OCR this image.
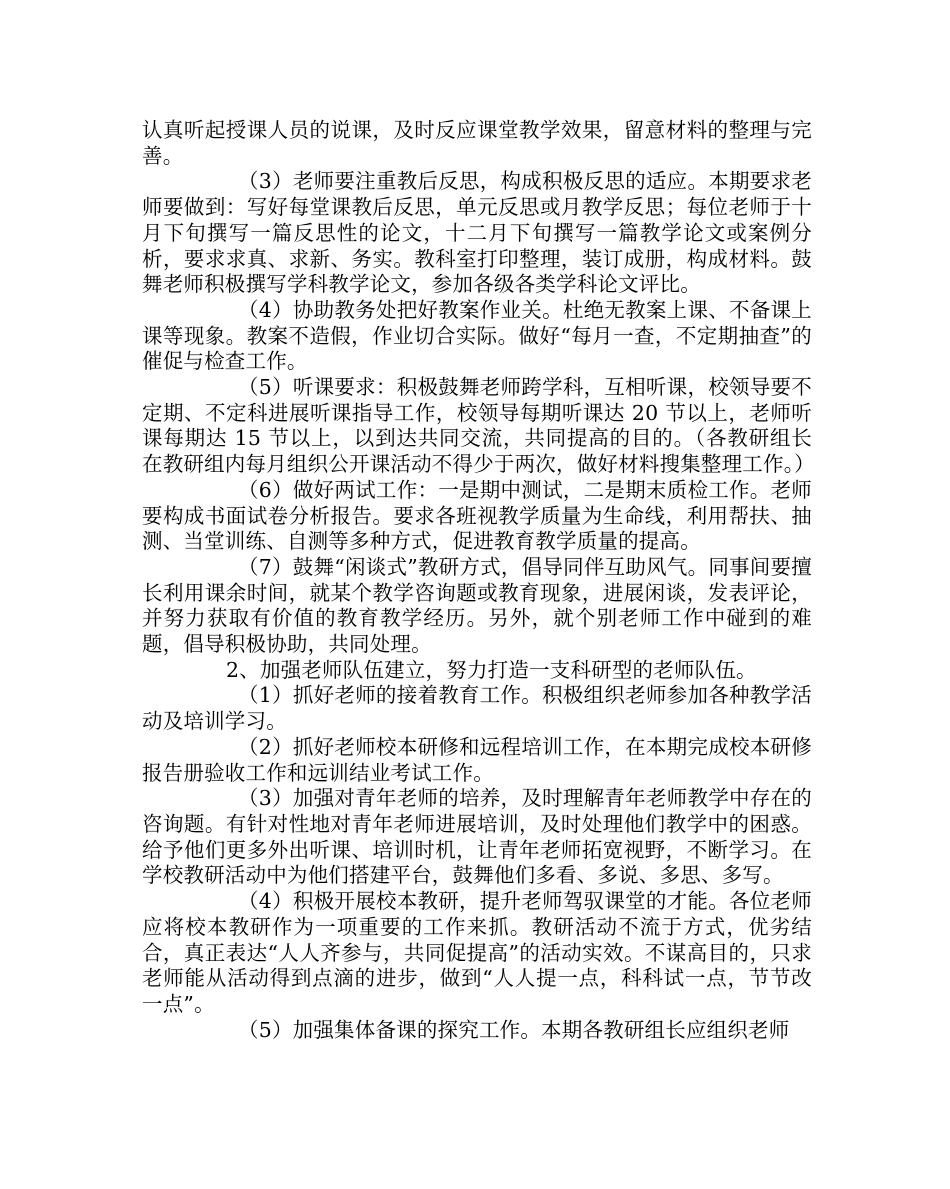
认真听起授课人员的说课，及时反应课堂教学效果，留意材料的整理与完善。

（3）老师要注重教后反思，构成积极反思的适应。本期要求老师要做到：写好每堂课教后反思，单元反思或月教学反思；每位老师于十月下旬撰写一篇反思性的论文，十二月下旬撰写一篇教学论文或案例分析，要求求真、求新、务实。教科室打印整理，装订成册，构成材料。鼓舞老师积极撰写学科教学论文，参加各级各类学科论文评比。

（4）协助教务处把好教案作业关。杜绝无教案上课、不备课上课等现象。教案不造假，作业切合实际。做好“每月一查，不定期抽查”的催促与检查工作。

（5）听课要求：积极鼓舞老师跨学科，互相听课，校领导要不定期、不定科进展听课指导工作，校领导每期听课达 20 节以上，老师听课每期达 15 节以上，以到达共同交流，共同提高的目的。（各教研组长在教研组内每月组织公开课活动不得少于两次，做好材料搜集整理工作。）

（6）做好两试工作：一是期中测试，二是期末质检工作。老师要构成书面试卷分析报告。要求各班视教学质量为生命线，利用帮扶、抽测、当堂训练、自测等多种方式，促进教育教学质量的提高。

（7）鼓舞“闲谈式”教研方式，倡导同伴互助风气。同事间要擅长利用课余时间，就某个教学咨询题或教育现象，进展闲谈，发表评论，并努力获取有价值的教育教学经历。另外，就个别老师工作中碰到的难题，倡导积极协助，共同处理。

2、加强老师队伍建立，努力打造一支科研型的老师队伍。

（1）抓好老师的接着教育工作。积极组织老师参加各种教学活动及培训学习。

（2）抓好老师校本研修和远程培训工作，在本期完成校本研修报告册验收工作和远训结业考试工作。

（3）加强对青年老师的培养，及时理解青年老师教学中存在的咨询题。有针对性地对青年老师进展培训，及时处理他们教学中的困惑。给予他们更多外出听课、培训时机，让青年老师拓宽视野，不断学习。在学校教研活动中为他们搭建平台，鼓舞他们多看、多说、多思、多写。

（4）积极开展校本教研，提升老师驾驭课堂的才能。各位老师应将校本教研作为一项重要的工作来抓。教研活动不流于方式，优劣结合，真正表达“人人齐参与，共同促提高”的活动实效。不谋高目的，只求老师能从活动得到点滴的进步，做到“人人提一点，科科试一点，节节改一点”。

（5）加强集体备课的探究工作。本期各教研组长应组织老师
